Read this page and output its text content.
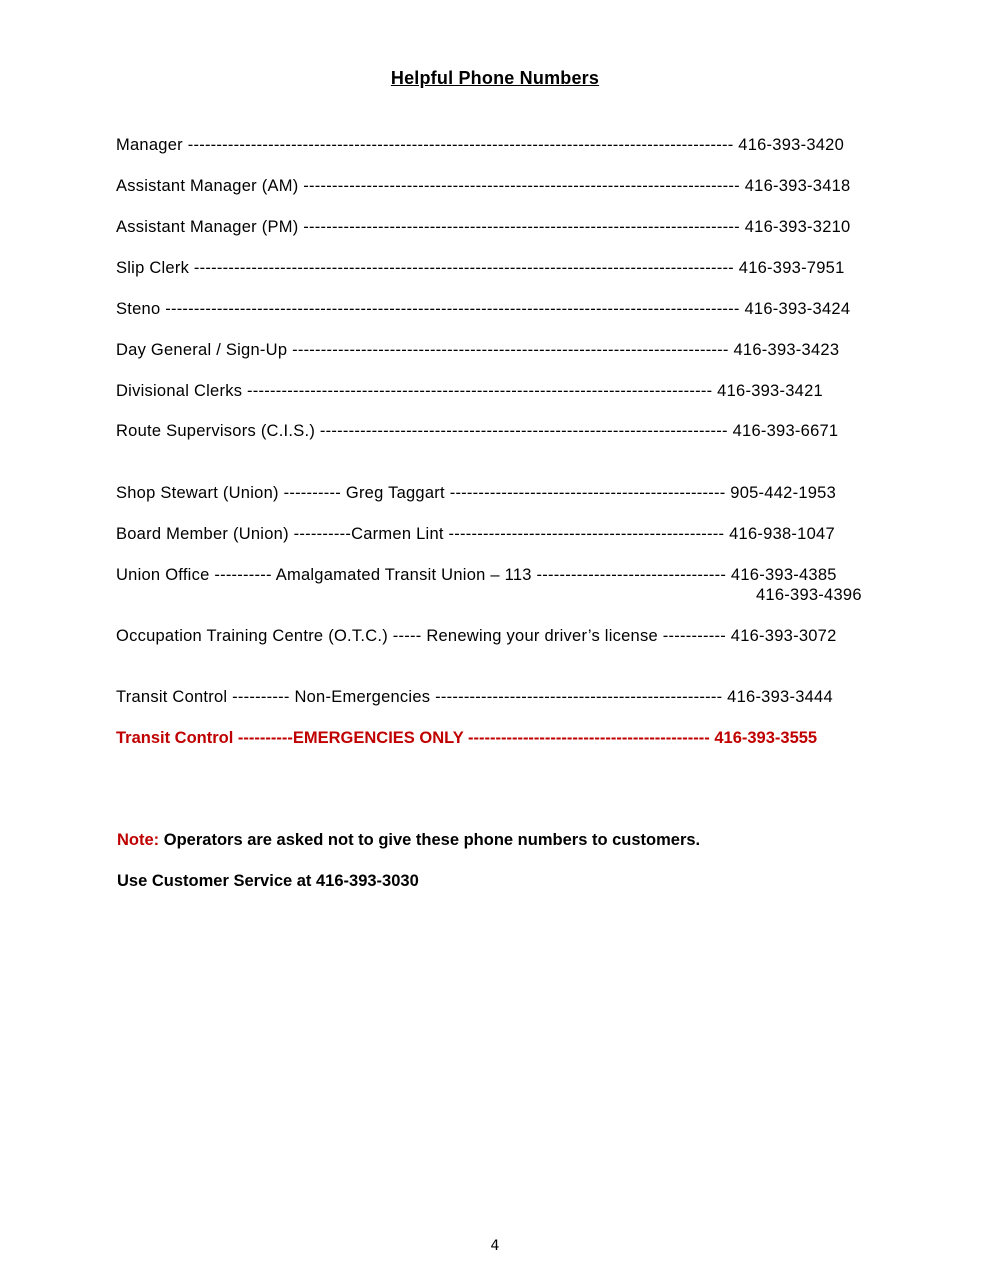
Helpful Phone Numbers
Manager ----------------------------------------------------------------------------------------------- 416-393-3420
Assistant Manager (AM) ---------------------------------------------------------------------------- 416-393-3418
Assistant Manager (PM) ---------------------------------------------------------------------------- 416-393-3210
Slip Clerk ---------------------------------------------------------------------------------------------- 416-393-7951
Steno ---------------------------------------------------------------------------------------------------- 416-393-3424
Day General / Sign-Up ---------------------------------------------------------------------------- 416-393-3423
Divisional Clerks --------------------------------------------------------------------------------- 416-393-3421
Route Supervisors (C.I.S.) ----------------------------------------------------------------------- 416-393-6671
Shop Stewart (Union) ---------- Greg Taggart ------------------------------------------------ 905-442-1953
Board Member (Union) ----------Carmen Lint ------------------------------------------------ 416-938-1047
Union Office ---------- Amalgamated Transit Union – 113 --------------------------------- 416-393-4385
416-393-4396
Occupation Training Centre (O.T.C.) ----- Renewing your driver’s license ----------- 416-393-3072
Transit Control ---------- Non-Emergencies -------------------------------------------------- 416-393-3444
Transit Control ----------EMERGENCIES ONLY -------------------------------------------- 416-393-3555
Note: Operators are asked not to give these phone numbers to customers.
Use Customer Service at 416-393-3030
4
